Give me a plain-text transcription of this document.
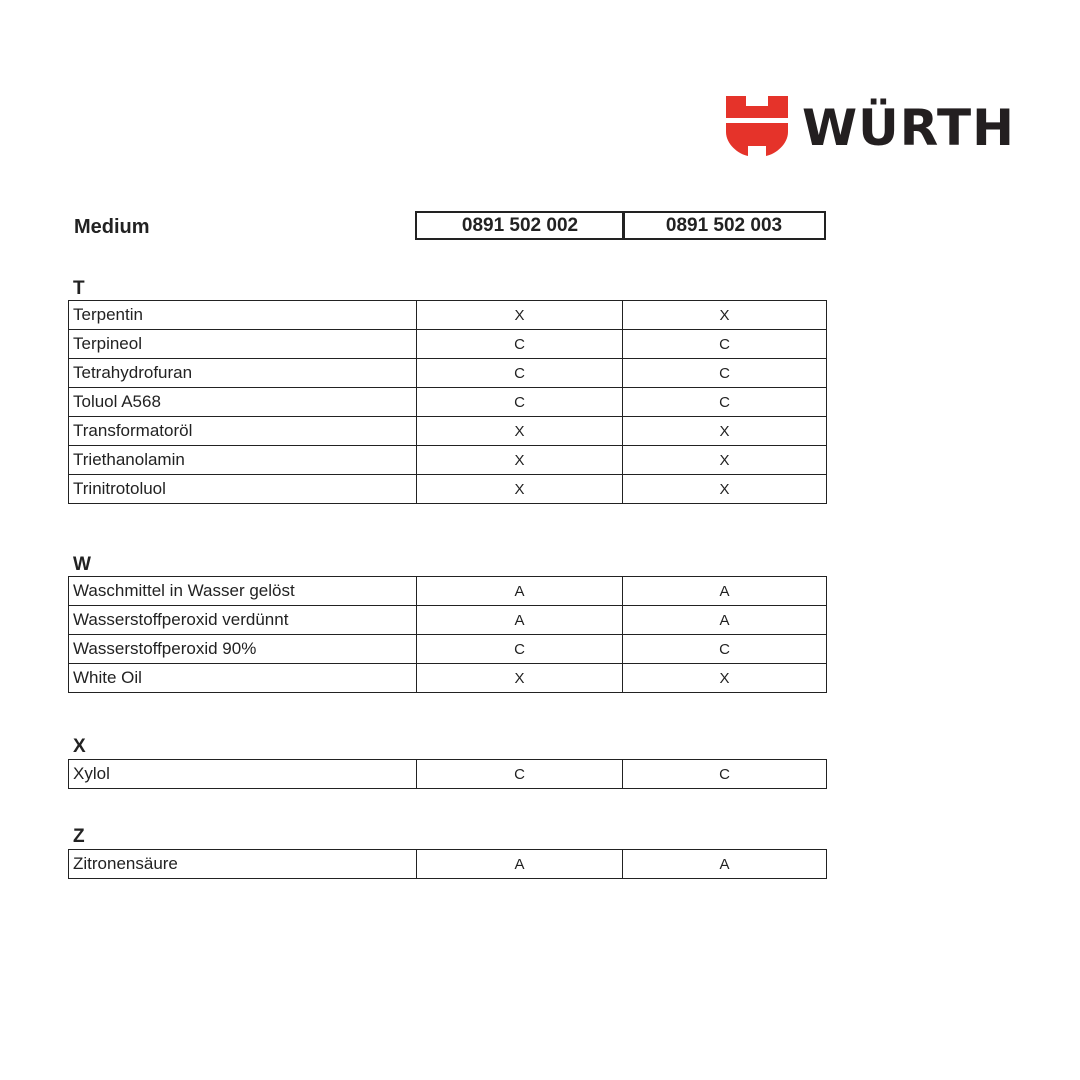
WÜRTH
Medium	0891 502 002	0891 502 003
T
Terpentin	X	X
Terpineol	C	C
Tetrahydrofuran	C	C
Toluol A568	C	C
Transformatoröl	X	X
Triethanolamin	X	X
Trinitrotoluol	X	X
W
Waschmittel in Wasser gelöst	A	A
Wasserstoffperoxid verdünnt	A	A
Wasserstoffperoxid 90%	C	C
White Oil	X	X
X
Xylol	C	C
Z
Zitronensäure	A	A
